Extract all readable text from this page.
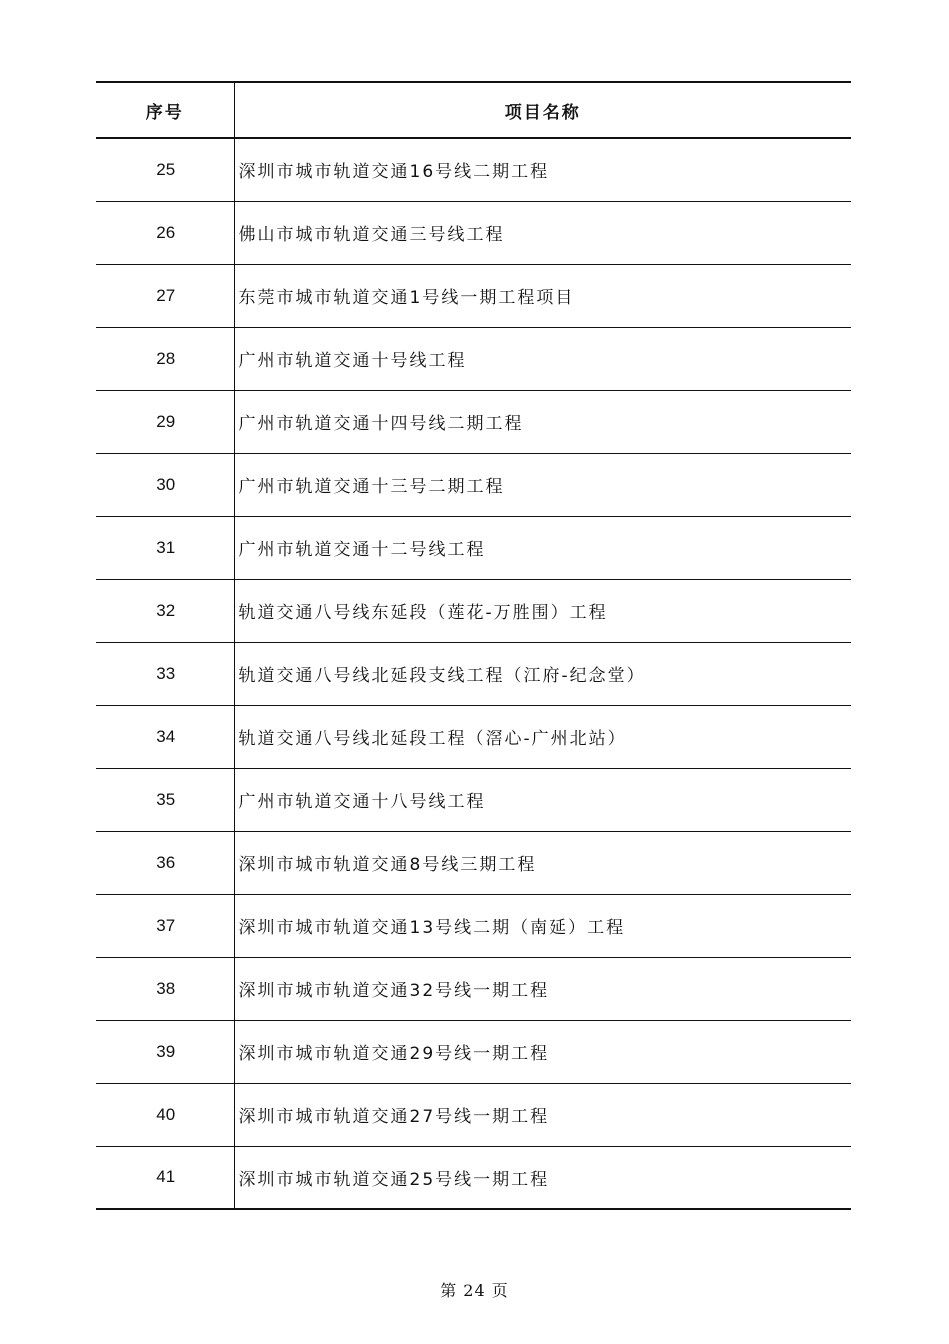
序号	项目名称
25	深圳市城市轨道交通16号线二期工程
26	佛山市城市轨道交通三号线工程
27	东莞市城市轨道交通1号线一期工程项目
28	广州市轨道交通十号线工程
29	广州市轨道交通十四号线二期工程
30	广州市轨道交通十三号二期工程
31	广州市轨道交通十二号线工程
32	轨道交通八号线东延段（莲花-万胜围）工程
33	轨道交通八号线北延段支线工程（江府-纪念堂）
34	轨道交通八号线北延段工程（滘心-广州北站）
35	广州市轨道交通十八号线工程
36	深圳市城市轨道交通8号线三期工程
37	深圳市城市轨道交通13号线二期（南延）工程
38	深圳市城市轨道交通32号线一期工程
39	深圳市城市轨道交通29号线一期工程
40	深圳市城市轨道交通27号线一期工程
41	深圳市城市轨道交通25号线一期工程
第 24 页
